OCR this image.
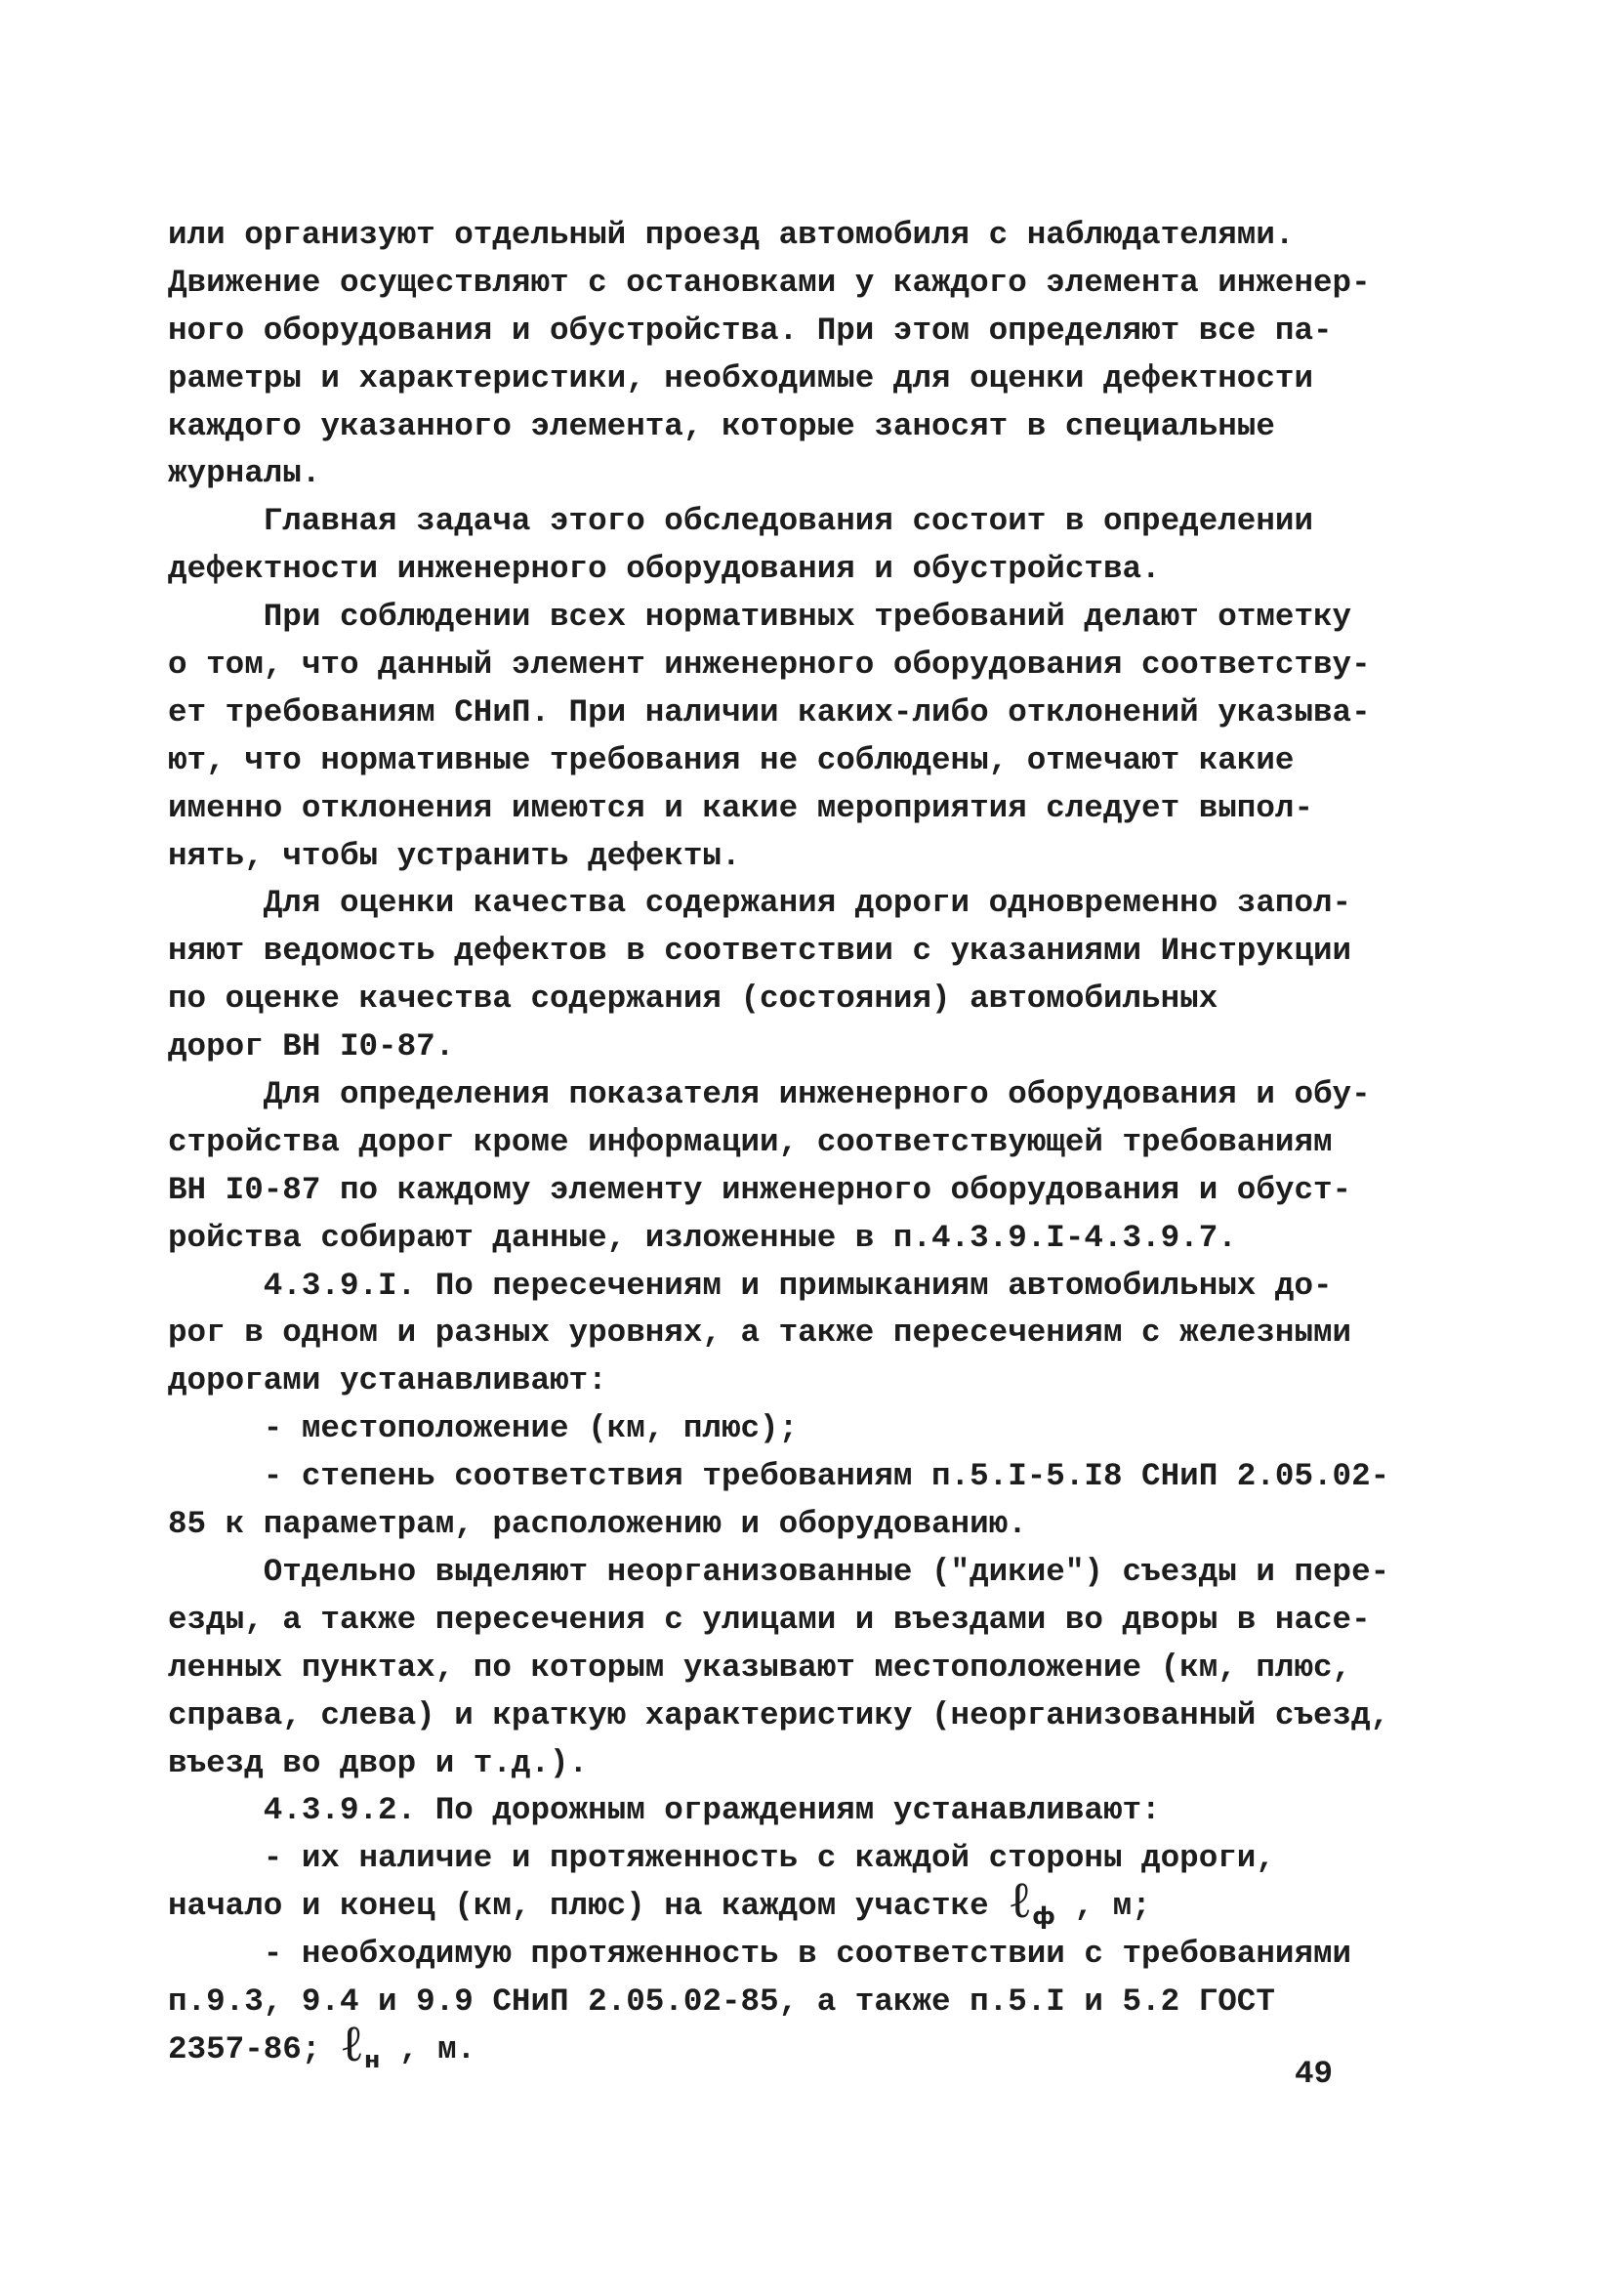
или организуют отдельный проезд автомобиля с наблюдателями.
Движение осуществляют с остановками у каждого элемента инженер-
ного оборудования и обустройства. При этом определяют все па-
раметры и характеристики, необходимые для оценки дефектности
каждого указанного элемента, которые заносят в специальные
журналы.
Главная задача этого обследования состоит в определении
дефектности инженерного оборудования и обустройства.
При соблюдении всех нормативных требований делают отметку
о том, что данный элемент инженерного оборудования соответству-
ет требованиям СНиП. При наличии каких-либо отклонений указыва-
ют, что нормативные требования не соблюдены, отмечают какие
именно отклонения имеются и какие мероприятия следует выпол-
нять, чтобы устранить дефекты.
Для оценки качества содержания дороги одновременно запол-
няют ведомость дефектов в соответствии с указаниями Инструкции
по оценке качества содержания (состояния) автомобильных
дорог ВН I0-87.
Для определения показателя инженерного оборудования и обу-
стройства дорог кроме информации, соответствующей требованиям
ВН I0-87 по каждому элементу инженерного оборудования и обуст-
ройства собирают данные, изложенные в п.4.3.9.I-4.3.9.7.
4.3.9.I. По пересечениям и примыканиям автомобильных до-
рог в одном и разных уровнях, а также пересечениям с железными
дорогами устанавливают:
- местоположение (км, плюс);
- степень соответствия требованиям п.5.I-5.I8 СНиП 2.05.02-
85 к параметрам, расположению и оборудованию.
Отдельно выделяют неорганизованные ("дикие") съезды и пере-
езды, а также пересечения с улицами и въездами во дворы в насе-
ленных пунктах, по которым указывают местоположение (км, плюс,
справа, слева) и краткую характеристику (неорганизованный съезд,
въезд во двор и т.д.).
4.3.9.2. По дорожным ограждениям устанавливают:
- их наличие и протяженность с каждой стороны дороги,
начало и конец (км, плюс) на каждом участке ℓ$_ф$ , м;
- необходимую протяженность в соответствии с требованиями
п.9.3, 9.4 и 9.9 СНиП 2.05.02-85, а также п.5.I и 5.2 ГОСТ
2357-86; ℓ$_н$ , м.
49
